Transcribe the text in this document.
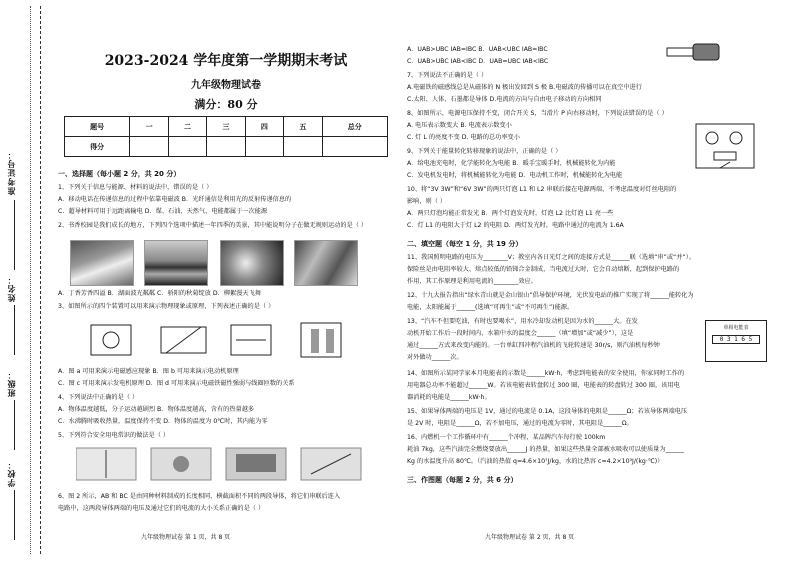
准考证号：
姓名：
班级：
学校：
2023-2024 学年度第一学期期末考试
九年级物理试卷
满分：80 分
题号	一	二	三	四	五	总分
得分						
一、选择题（每小题 2 分，共 20 分）
1、下列关于信息与能源、材料的说法中，错误的是（ ）
A．移动电话在传递信息的过程中依靠电磁波 B．光纤通信是利用光的反射传递信息的
C．超导材料可用于远距离输电 D．煤、石油、天然气、电能都属于一次能源
2、书香校园是我们成长的地方，下列四个选项中描述一年四季的美景，其中能说明分子在做无规则运动的是（ ）
A．丁香芳香四溢 B．湖面波光粼粼 C．骄阳的秋菊绽放 D．柳絮漫天飞舞
3、如图所示的四个装置可以用来演示物理现象或原理，下列表述正确的是（ ）
A．图 a 可用来演示电磁感应现象 B．图 b 可用来演示电动机原理
C．图 c 可用来演示发电机原理 D．图 d 可用来演示电磁铁磁性强弱与线圈匝数的关系
4、下列说法中正确的是（ ）
A．物体温度越低，分子运动越剧烈 B．物体温度越高，含有的热量越多
C．水沸腾时吸收热量，温度保持不变 D．物体的温度为 0℃时，其内能为零
5、下列符合安全用电常识的做法是（ ）
6、图 2 所示，AB 和 BC 是由同种材料制成的长度相同、横截面积不同的两段导体，将它们串联后连入
电路中，这两段导体两端的电压及通过它们的电流的大小关系正确的是（ ）
九年级物理试卷 第 1 页，共 8 页
A．UAB>UBC IAB=IBC B．UAB<UBC IAB=IBC
C．UAB>UBC IAB<IBC D．UAB=UBC IAB<IBC
7、下列说法不正确的是（ ）
A.电磁铁的磁感线总是从磁体的 N 极出发回到 S 极 B.电磁波的传播可以在真空中进行
C.太阳、人体、石墨都是导体 D.电流的方向与自由电子移动的方向相同
8、如图所示，电源电压保持不变，闭合开关 S，当滑片 P 向右移动时，下列说法错误的是（ ）
A. 电压表示数变大 B. 电流表示数变小
C. 灯 L 的亮度不变 D. 电路的总功率变小
9、下列关于能量转化转移现象的说法中，正确的是（ ）
A．给电池充电时，化学能转化为电能 B．暖手宝暖手时，机械能转化为内能
C．发电机发电时，将机械能转化为电能 D．电动机工作时，机械能转化为电能
10、将“3V 3W”和“6V 3W”的两只灯泡 L1 和 L2 串联后接在电源两端，不考虑温度对灯丝电阻的
影响，则（ ）
A．两只灯泡均能正常发光 B．两个灯泡发光时，灯泡 L2 比灯泡 L1 亮一些
C．灯 L1 的电阻大于灯 L2 的电阻 D．两灯发光时，电路中通过的电流为 1.6A
二、填空题（每空 1 分，共 19 分）
11、我国照明电路的电压为________V；教室内各日光灯之间的连接方式是______联（选填“串”或“并”）。
保险丝是由电阻率较大、熔点较低的铅锑合金制成，当电流过大时，它会自动熔断，起到保护电路的
作用，其工作原理是利用电流的________效应。
12、十九大报告指出“绿水青山就是金山银山”倡导保护环境，光伏发电站的推广实现了将______能转化为
电能，太阳能属于______(选填“可再生”或“不可再生”)能源。
13、“汽车不但要吃油，有时也要喝水”，用水冷却发动机是因为水的______大。在发
动机开始工作后一段时间内，水箱中水的温度会______（填“增加”或“减少”），这是
通过______方式来改变内能的。一台单缸四冲程汽油机的飞轮转速是 30r/s，则汽油机每秒钟
对外做功______次。
单相电能表
0 3 1 6 5
14、如图所示某同学家本月电能表的示数是______kW·h，考虑到电能表的安全使用，你家同时工作的
用电器总功率不能超过______W。若该电能表转盘转过 300 圈，电能表的转盘转过 300 圈，该用电
器消耗的电能是______kW·h。
15、如果导体两端的电压是 1V，通过的电流是 0.1A，这段导体的电阻是______Ω；若该导体两端电压
是 2V 时，电阻是______Ω，若不加电压，通过的电流为零时，其电阻是______Ω。
16、内燃机一个工作循环中有______个冲程，某品牌汽车每行驶 100km
耗油 7kg，这些汽油完全燃烧要放出______J 的热量，如果这些热量全部被水吸收可以使质量为______
Kg 的水温度升高 80℃。（汽油的热值 q=4.6×10⁷J/kg，水的比热容 c=4.2×10³J/(kg·℃)）
三、作图题（每题 2 分，共 6 分）
九年级物理试卷 第 2 页，共 8 页
